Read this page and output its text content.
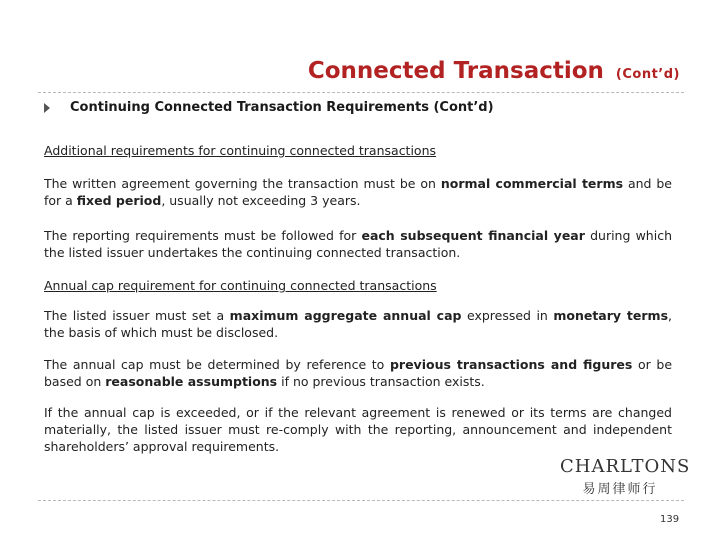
Connected Transaction (Cont’d)
Continuing Connected Transaction Requirements (Cont’d)
Additional requirements for continuing connected transactions
The written agreement governing the transaction must be on normal commercial terms and be for a fixed period, usually not exceeding 3 years.
The reporting requirements must be followed for each subsequent financial year during which the listed issuer undertakes the continuing connected transaction.
Annual cap requirement for continuing connected transactions
The listed issuer must set a maximum aggregate annual cap expressed in monetary terms, the basis of which must be disclosed.
The annual cap must be determined by reference to previous transactions and figures or be based on reasonable assumptions if no previous transaction exists.
If the annual cap is exceeded, or if the relevant agreement is renewed or its terms are changed materially, the listed issuer must re-comply with the reporting, announcement and independent shareholders’ approval requirements.
CHARLTONS
易周律师行
139
